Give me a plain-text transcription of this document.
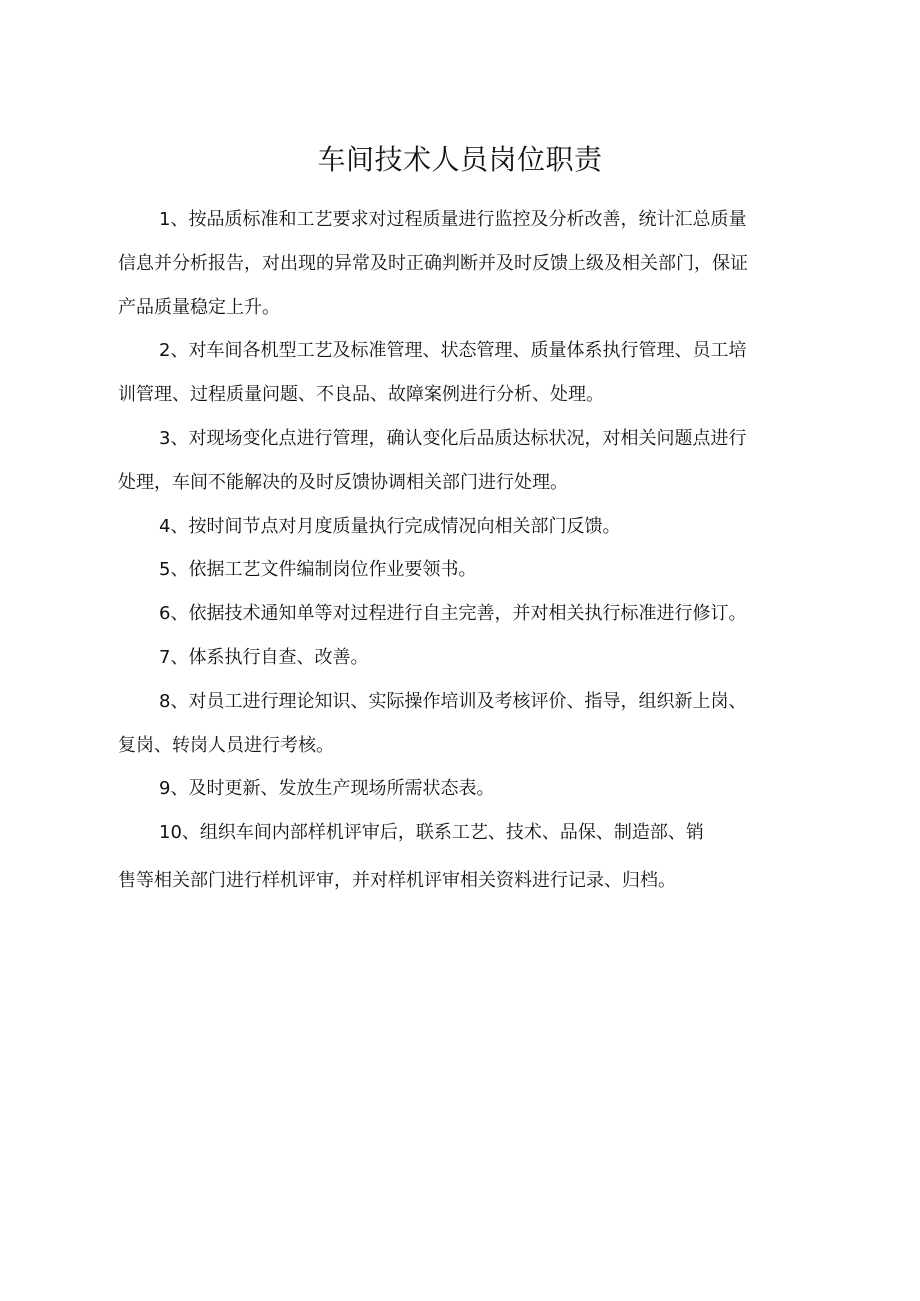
车间技术人员岗位职责

1、按品质标准和工艺要求对过程质量进行监控及分析改善，统计汇总质量
信息并分析报告，对出现的异常及时正确判断并及时反馈上级及相关部门，保证
产品质量稳定上升。

2、对车间各机型工艺及标准管理、状态管理、质量体系执行管理、员工培
训管理、过程质量问题、不良品、故障案例进行分析、处理。

3、对现场变化点进行管理，确认变化后品质达标状况，对相关问题点进行
处理，车间不能解决的及时反馈协调相关部门进行处理。

4、按时间节点对月度质量执行完成情况向相关部门反馈。

5、依据工艺文件编制岗位作业要领书。

6、依据技术通知单等对过程进行自主完善，并对相关执行标准进行修订。

7、体系执行自查、改善。

8、对员工进行理论知识、实际操作培训及考核评价、指导，组织新上岗、
复岗、转岗人员进行考核。

9、及时更新、发放生产现场所需状态表。

10、组织车间内部样机评审后，联系工艺、技术、品保、制造部、销

售等相关部门进行样机评审，并对样机评审相关资料进行记录、归档。
